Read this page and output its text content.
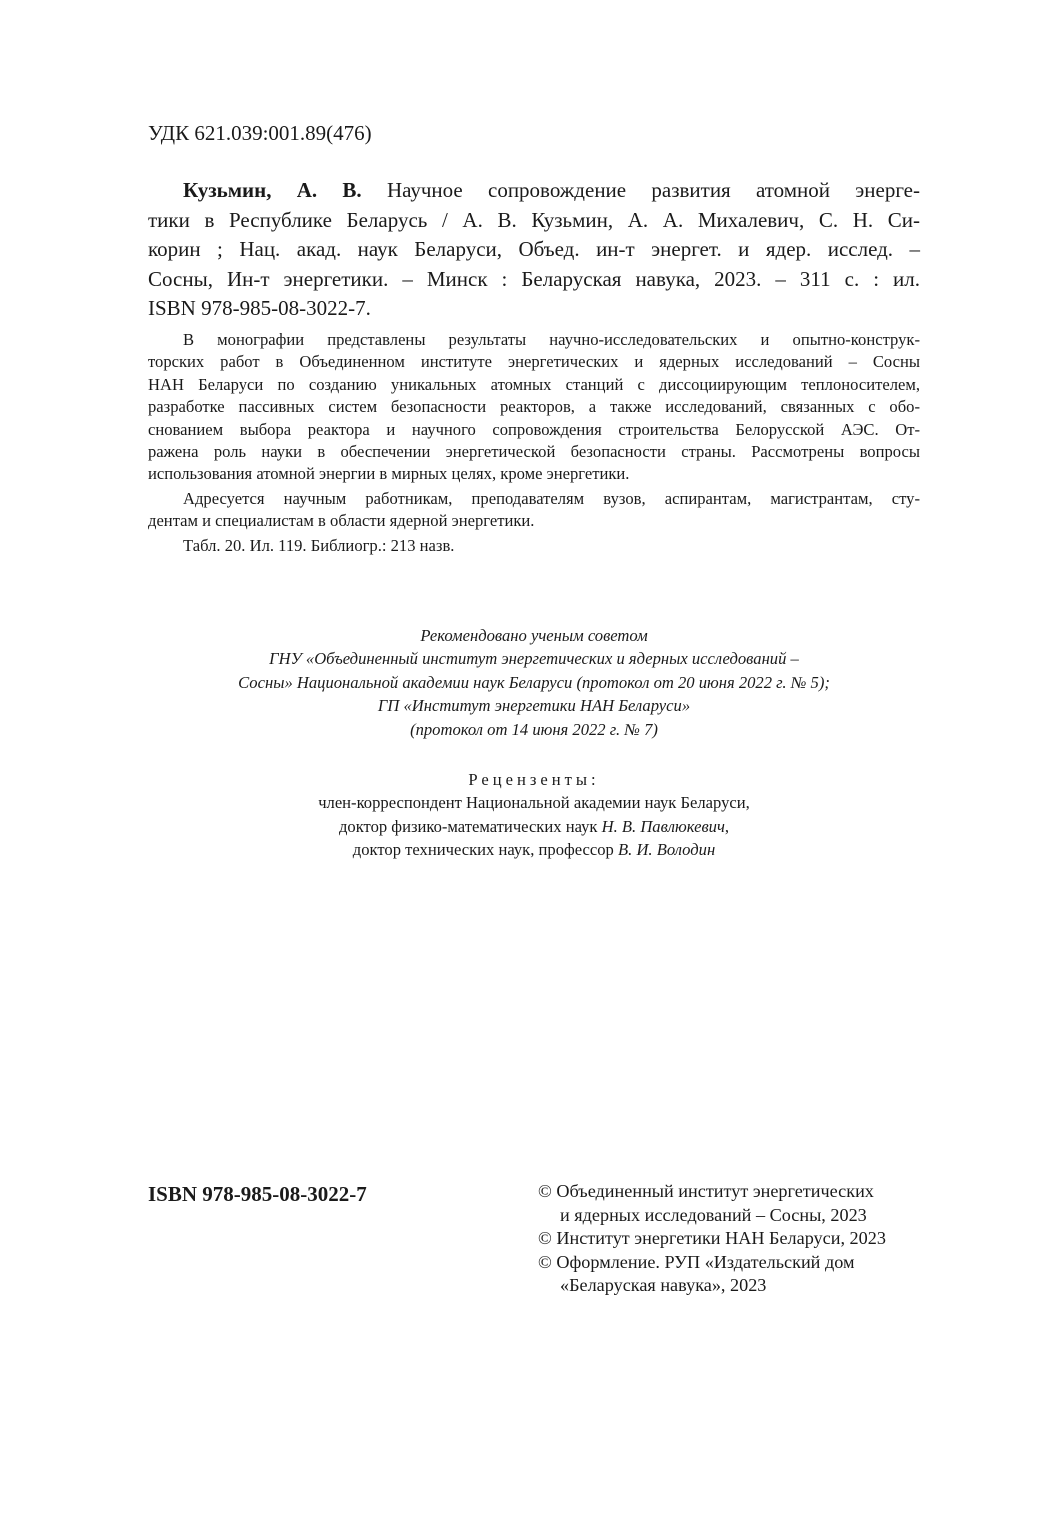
УДК 621.039:001.89(476)
Кузьмин, А. В. Научное сопровождение развития атомной энерге-
тики в Республике Беларусь / А. В. Кузьмин, А. А. Михалевич, С. Н. Си-
корин ; Нац. акад. наук Беларуси, Объед. ин-т энергет. и ядер. исслед. –
Сосны, Ин-т энергетики. – Минск : Беларуская навука, 2023. – 311 с. : ил.
ISBN 978-985-08-3022-7.
В монографии представлены результаты научно-исследовательских и опытно-конструк-
торских работ в Объединенном институте энергетических и ядерных исследований – Сосны
НАН Беларуси по созданию уникальных атомных станций с диссоциирующим теплоносителем,
разработке пассивных систем безопасности реакторов, а также исследований, связанных с обо-
снованием выбора реактора и научного сопровождения строительства Белорусской АЭС. От-
ражена роль науки в обеспечении энергетической безопасности страны. Рассмотрены вопросы
использования атомной энергии в мирных целях, кроме энергетики.
Адресуется научным работникам, преподавателям вузов, аспирантам, магистрантам, сту-
дентам и специалистам в области ядерной энергетики.
Табл. 20. Ил. 119. Библиогр.: 213 назв.
Рекомендовано ученым советом
ГНУ «Объединенный институт энергетических и ядерных исследований –
Сосны» Национальной академии наук Беларуси (протокол от 20 июня 2022 г. № 5);
ГП «Институт энергетики НАН Беларуси»
(протокол от 14 июня 2022 г. № 7)
Рецензенты:
член-корреспондент Национальной академии наук Беларуси,
доктор физико-математических наук Н. В. Павлюкевич,
доктор технических наук, профессор В. И. Володин
ISBN 978-985-08-3022-7	© Объединенный институт энергетических
и ядерных исследований – Сосны, 2023
© Институт энергетики НАН Беларуси, 2023
© Оформление. РУП «Издательский дом
«Беларуская навука», 2023
